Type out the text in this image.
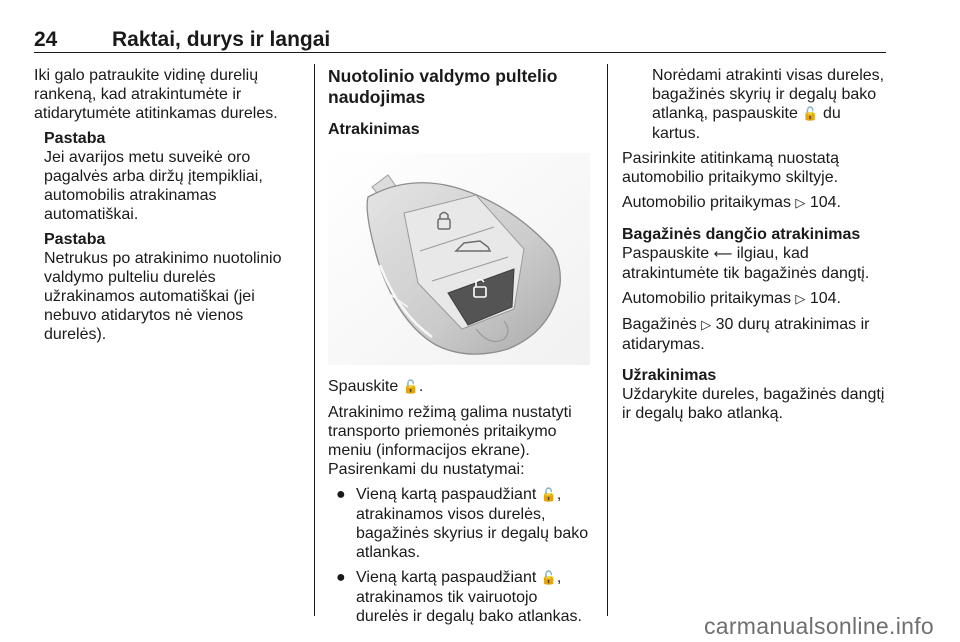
24	Raktai, durys ir langai

Iki galo patraukite vidinę durelių rankeną, kad atrakintumėte ir atidarytumėte atitinkamas dureles.

Pastaba

Jei avarijos metu suveikė oro pagalvės arba diržų įtempikliai, automobilis atrakinamas automatiškai.

Pastaba

Netrukus po atrakinimo nuotolinio valdymo pulteliu durelės užrakinamos automatiškai (jei nebuvo atidarytos nė vienos durelės).

Nuotolinio valdymo pultelio naudojimas

Atrakinimas

Spauskite 🔓.

Atrakinimo režimą galima nustatyti transporto priemonės pritaikymo meniu (informacijos ekrane).

Pasirenkami du nustatymai:

● Vieną kartą paspaudžiant 🔓, atrakinamos visos durelės, bagažinės skyrius ir degalų bako atlankas.

● Vieną kartą paspaudžiant 🔓, atrakinamos tik vairuotojo durelės ir degalų bako atlankas.

Norėdami atrakinti visas dureles, bagažinės skyrių ir degalų bako atlanką, paspauskite 🔓 du kartus.

Pasirinkite atitinkamą nuostatą automobilio pritaikymo skiltyje.

Automobilio pritaikymas ▷ 104.

Bagažinės dangčio atrakinimas

Paspauskite ⟵ ilgiau, kad atrakintumėte tik bagažinės dangtį.

Automobilio pritaikymas ▷ 104.

Bagažinės ▷ 30 durų atrakinimas ir atidarymas.

Užrakinimas

Uždarykite dureles, bagažinės dangtį ir degalų bako atlanką.

carmanualsonline.info
